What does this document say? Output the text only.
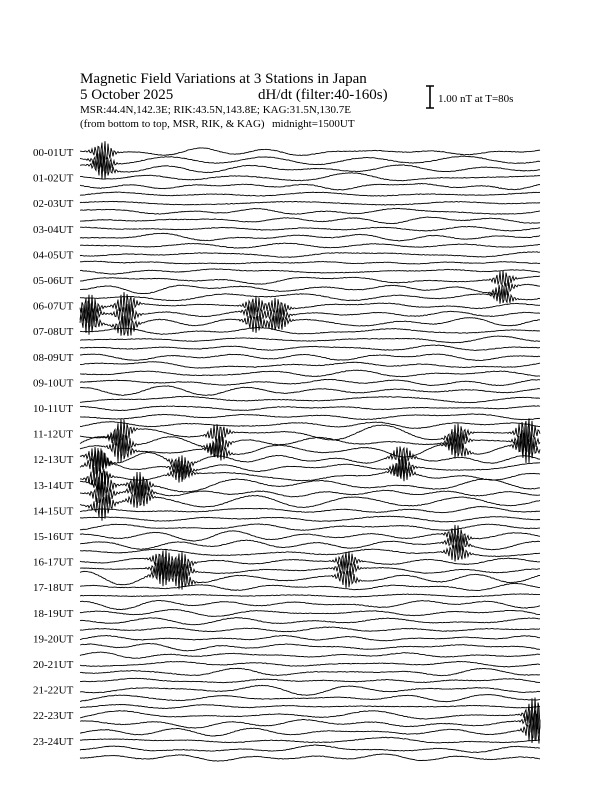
Magnetic Field Variations at 3 Stations in Japan
5 October 2025	dH/dt (filter:40-160s)
MSR:44.4N,142.3E; RIK:43.5N,143.8E; KAG:31.5N,130.7E
(from bottom to top, MSR, RIK, & KAG) midnight=1500UT
1.00 nT at T=80s
00-01UT
01-02UT
02-03UT
03-04UT
04-05UT
05-06UT
06-07UT
07-08UT
08-09UT
09-10UT
10-11UT
11-12UT
12-13UT
13-14UT
14-15UT
15-16UT
16-17UT
17-18UT
18-19UT
19-20UT
20-21UT
21-22UT
22-23UT
23-24UT
